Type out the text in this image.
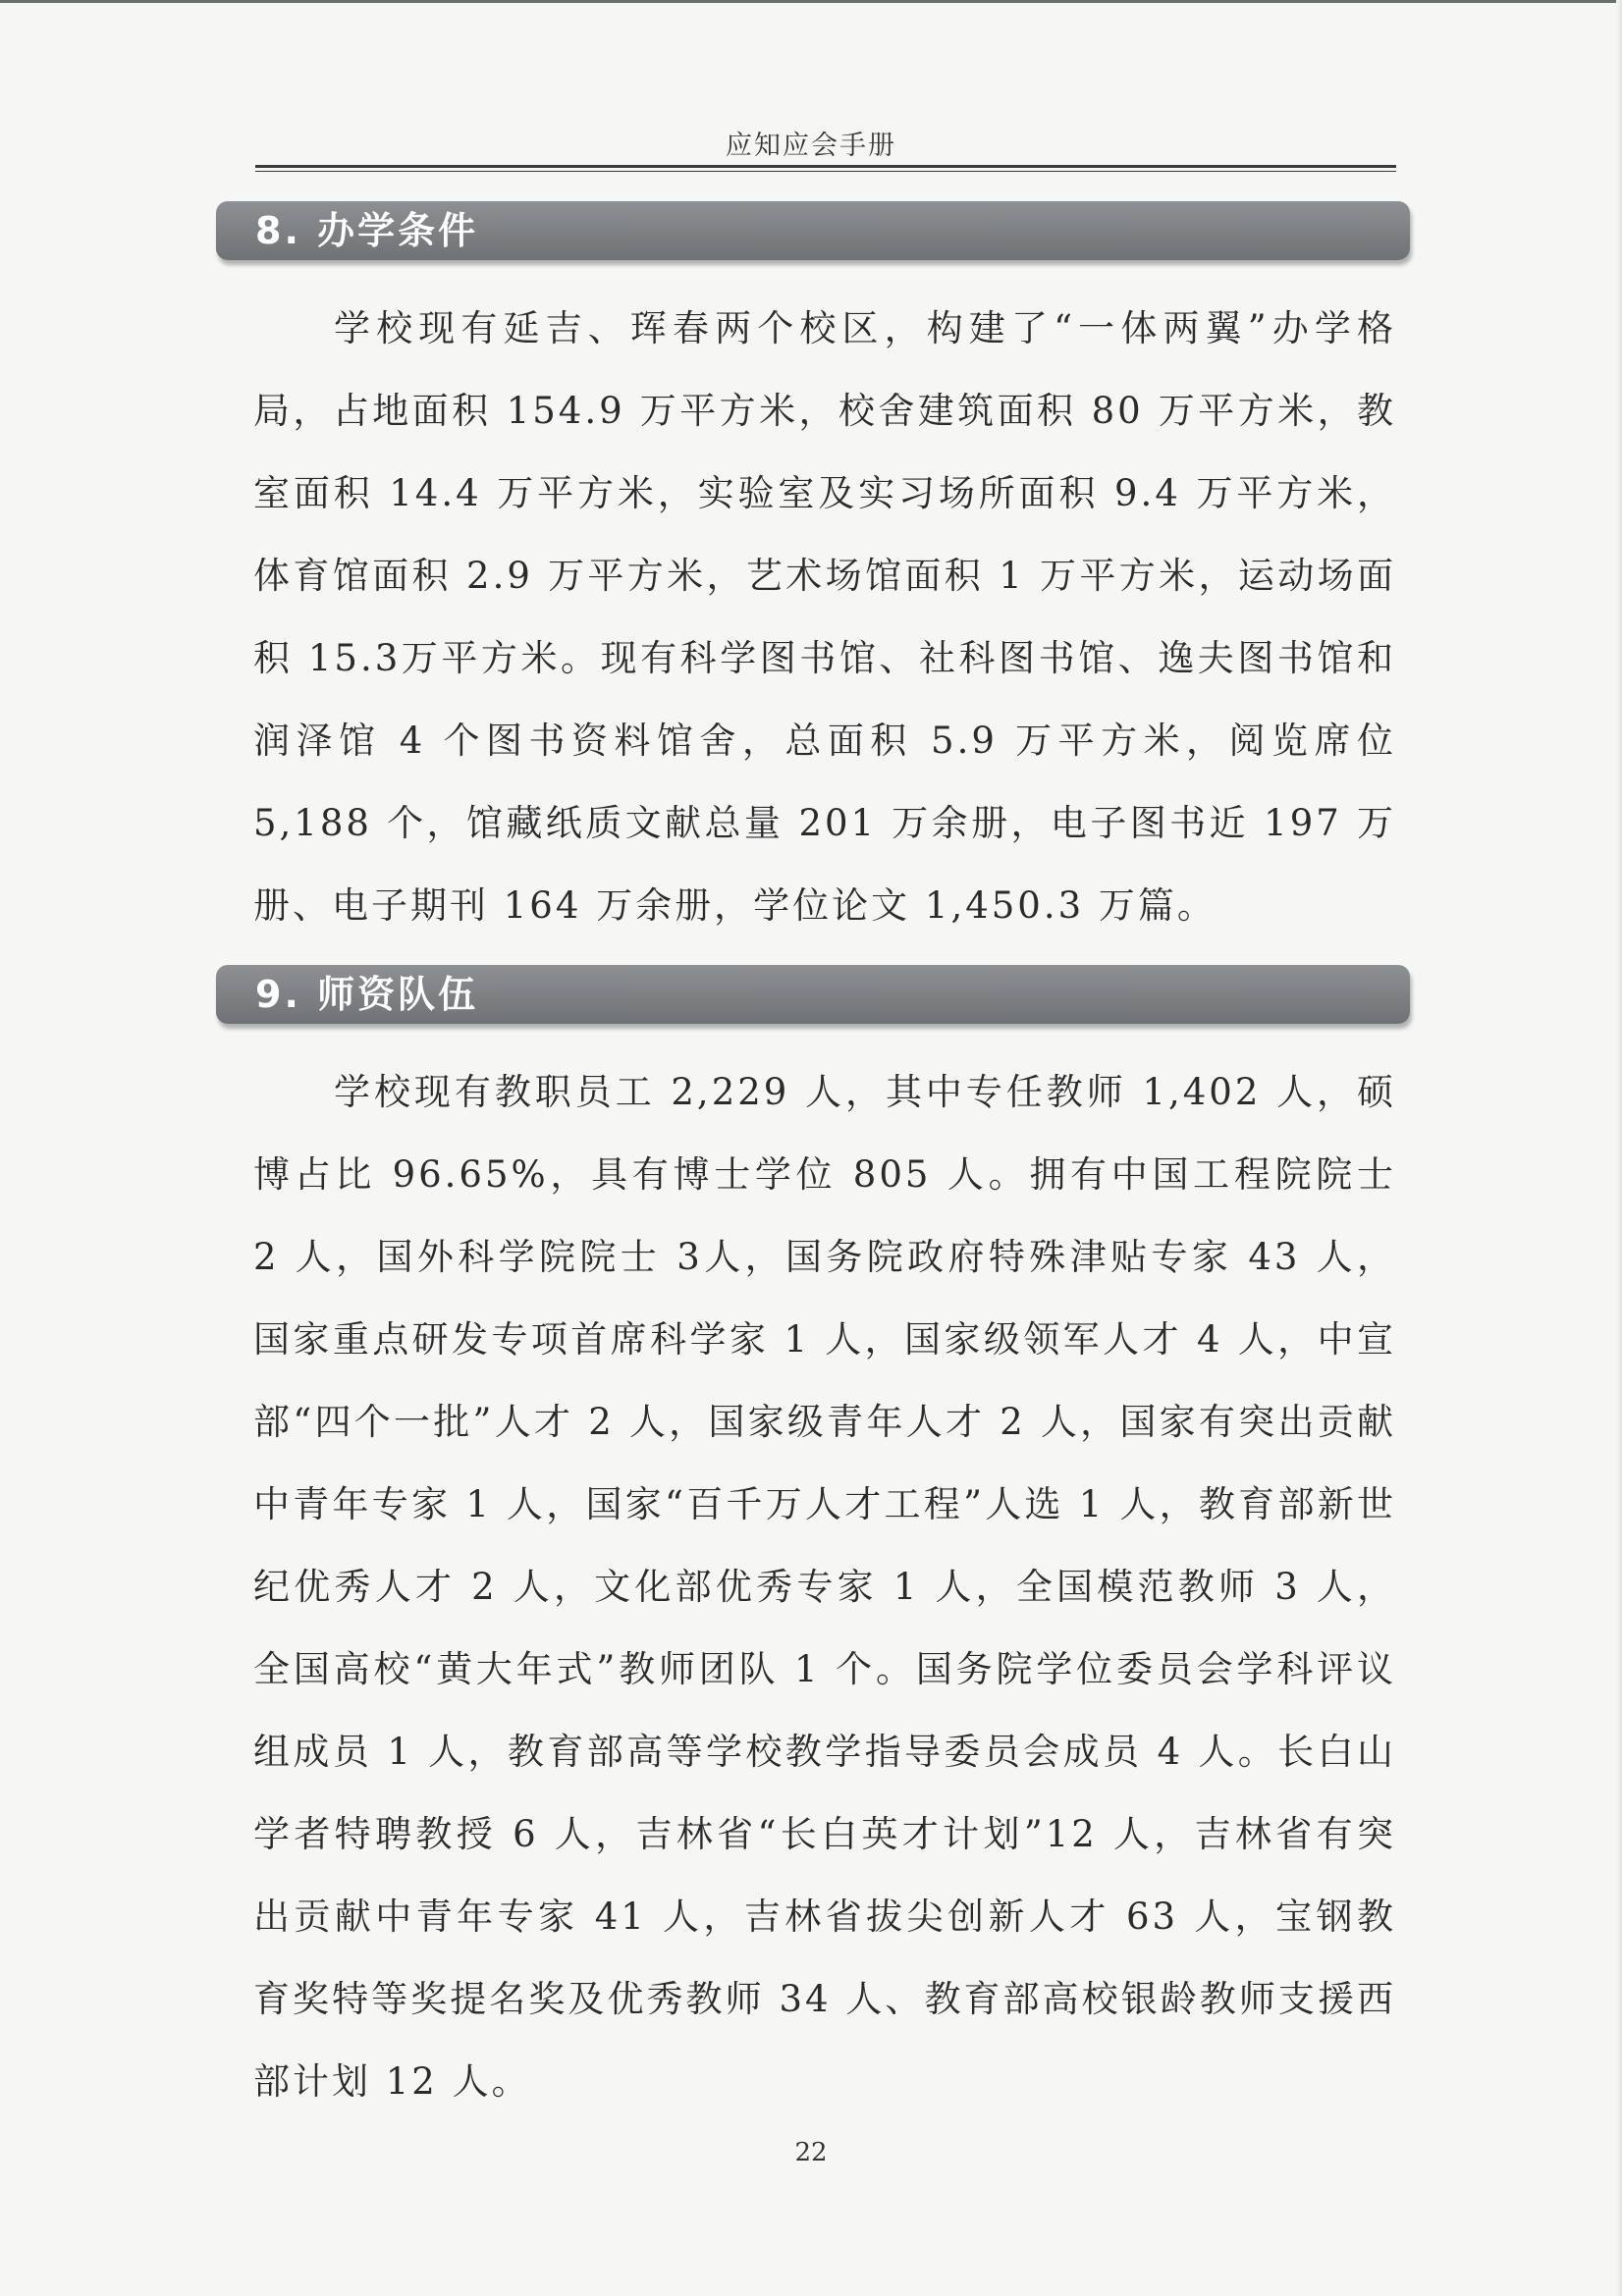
应知应会手册
8. 办学条件

学校现有延吉、珲春两个校区，构建了“一体两翼”办学格局，占地面积 154.9 万平方米，校舍建筑面积 80 万平方米，教室面积 14.4 万平方米，实验室及实习场所面积 9.4 万平方米，体育馆面积 2.9 万平方米，艺术场馆面积 1 万平方米，运动场面积 15.3万平方米。现有科学图书馆、社科图书馆、逸夫图书馆和润泽馆 4 个图书资料馆舍，总面积 5.9 万平方米，阅览席位 5,188 个，馆藏纸质文献总量 201 万余册，电子图书近 197 万册、电子期刊 164 万余册，学位论文 1,450.3 万篇。

9. 师资队伍

学校现有教职员工 2,229 人，其中专任教师 1,402 人，硕博占比 96.65%，具有博士学位 805 人。拥有中国工程院院士 2 人，国外科学院院士 3人，国务院政府特殊津贴专家 43 人，国家重点研发专项首席科学家 1 人，国家级领军人才 4 人，中宣部“四个一批”人才 2 人，国家级青年人才 2 人，国家有突出贡献中青年专家 1 人，国家“百千万人才工程”人选 1 人，教育部新世纪优秀人才 2 人，文化部优秀专家 1 人，全国模范教师 3 人，全国高校“黄大年式”教师团队 1 个。国务院学位委员会学科评议组成员 1 人，教育部高等学校教学指导委员会成员 4 人。长白山学者特聘教授 6 人，吉林省“长白英才计划”12 人，吉林省有突出贡献中青年专家 41 人，吉林省拔尖创新人才 63 人，宝钢教育奖特等奖提名奖及优秀教师 34 人、教育部高校银龄教师支援西部计划 12 人。

22
